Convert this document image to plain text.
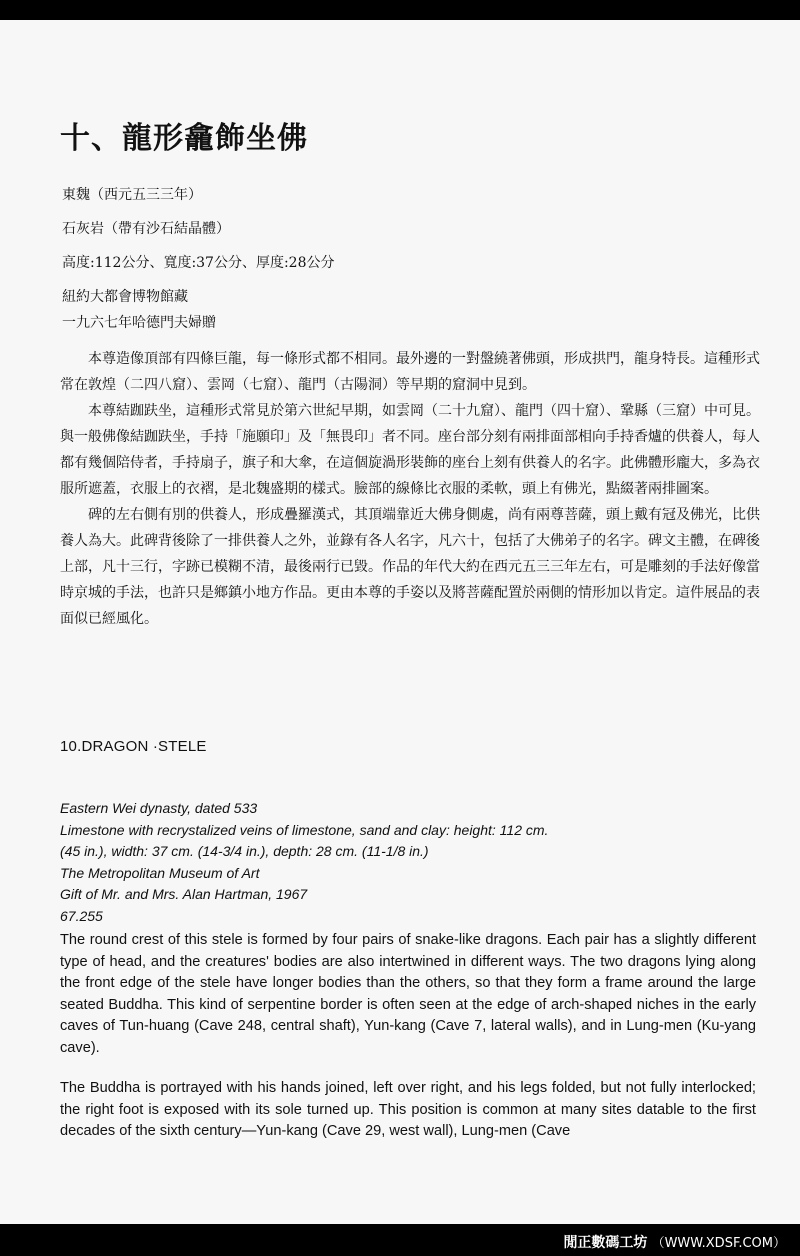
十、龍形龕飾坐佛
東魏（西元五三三年）
石灰岩（帶有沙石結晶體）
高度:112公分、寬度:37公分、厚度:28公分
紐約大都會博物館藏
一九六七年哈德門夫婦贈

本尊造像頂部有四條巨龍，每一條形式都不相同。最外邊的一對盤繞著佛頭，形成拱門，龍身特長。這種形式常在敦煌（二四八窟）、雲岡（七窟）、龍門（古陽洞）等早期的窟洞中見到。

本尊結跏趺坐，這種形式常見於第六世紀早期，如雲岡（二十九窟）、龍門（四十窟）、鞏縣（三窟）中可見。與一般佛像結跏趺坐，手持「施願印」及「無畏印」者不同。座台部分刻有兩排面部相向手持香爐的供養人，每人都有幾個陪侍者，手持扇子，旗子和大傘，在這個旋渦形裝飾的座台上刻有供養人的名字。此佛體形龐大，多為衣服所遮蓋，衣服上的衣褶，是北魏盛期的樣式。臉部的線條比衣服的柔軟，頭上有佛光，點綴著兩排圖案。

碑的左右側有別的供養人，形成疊羅漢式，其頂端靠近大佛身側處，尚有兩尊菩薩，頭上戴有冠及佛光，比供養人為大。此碑背後除了一排供養人之外，並錄有各人名字，凡六十，包括了大佛弟子的名字。碑文主體，在碑後上部，凡十三行，字跡已模糊不清，最後兩行已毀。作品的年代大約在西元五三三年左右，可是雕刻的手法好像當時京城的手法，也許只是鄉鎮小地方作品。更由本尊的手姿以及將菩薩配置於兩側的情形加以肯定。這件展品的表面似已經風化。

10.DRAGON ·STELE
Eastern Wei dynasty, dated 533
Limestone with recrystalized veins of limestone, sand and clay: height: 112 cm.
(45 in.), width: 37 cm. (14-3/4 in.), depth: 28 cm. (11-1/8 in.)
The Metropolitan Museum of Art
Gift of Mr. and Mrs. Alan Hartman, 1967
67.255
The round crest of this stele is formed by four pairs of snake-like dragons. Each pair has a slightly different type of head, and the creatures' bodies are also intertwined in different ways. The two dragons lying along the front edge of the stele have longer bodies than the others, so that they form a frame around the large seated Buddha. This kind of serpentine border is often seen at the edge of arch-shaped niches in the early caves of Tun-huang (Cave 248, central shaft), Yun-kang (Cave 7, lateral walls), and in Lung-men (Ku-yang cave).
The Buddha is portrayed with his hands joined, left over right, and his legs folded, but not fully interlocked; the right foot is exposed with its sole turned up. This position is common at many sites datable to the first decades of the sixth century—Yun-kang (Cave 29, west wall), Lung-men (Cave
閒正數碼工坊 （WWW.XDSF.COM）
